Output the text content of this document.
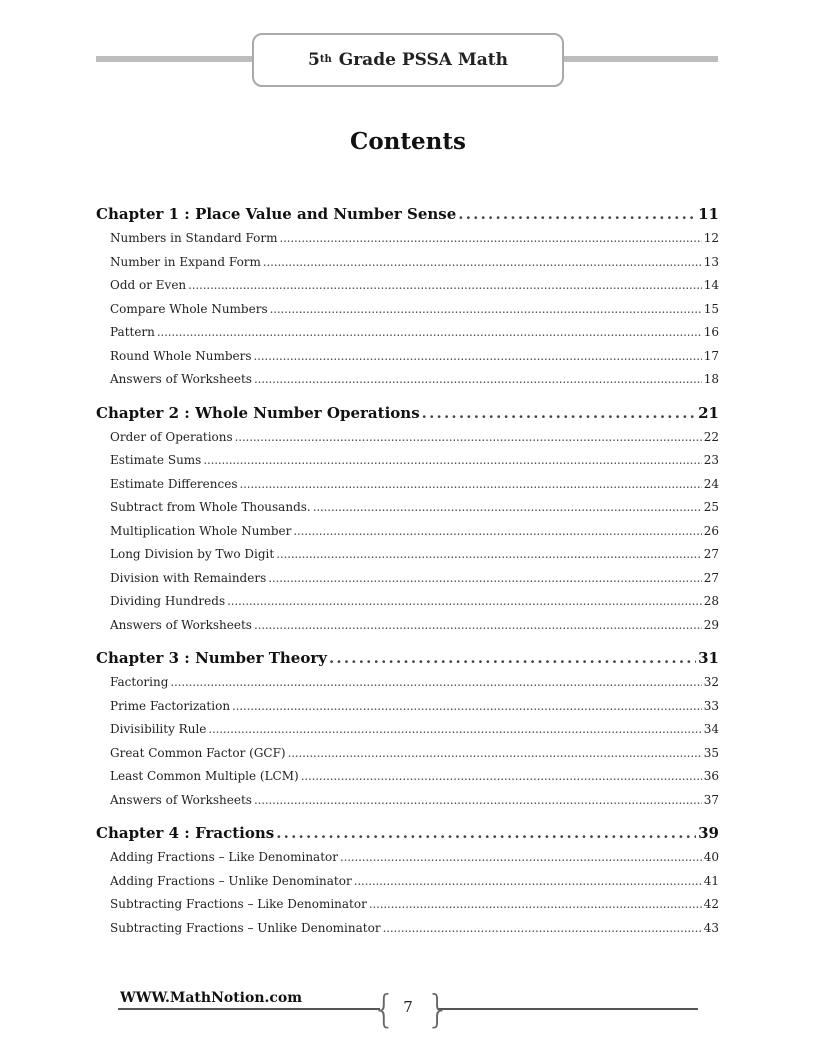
5th
Grade PSSA Math
Contents
Chapter 1 : Place Value and Number Sense . . .	11
Numbers in Standard Form . . .	12
Number in Expand Form . . .	13
Odd or Even . . .	14
Compare Whole Numbers . . .	15
Pattern . . .	16
Round Whole Numbers . . .	17
Answers of Worksheets . . .	18
Chapter 2 : Whole Number Operations . . .	21
Order of Operations . . .	22
Estimate Sums . . .	23
Estimate Differences . . .	24
Subtract from Whole Thousands. . . .	25
Multiplication Whole Number . . .	26
Long Division by Two Digit . . .	27
Division with Remainders . . .	27
Dividing Hundreds . . .	28
Answers of Worksheets . . .	29
Chapter 3 : Number Theory . . .	31
Factoring . . .	32
Prime Factorization . . .	33
Divisibility Rule . . .	34
Great Common Factor (GCF) . . .	35
Least Common Multiple (LCM) . . .	36
Answers of Worksheets . . .	37
Chapter 4 : Fractions . . .	39
Adding Fractions – Like Denominator . . .	40
Adding Fractions – Unlike Denominator . . .	41
Subtracting Fractions – Like Denominator . . .	42
Subtracting Fractions – Unlike Denominator . . .	43
WWW.MathNotion.com { }
7
